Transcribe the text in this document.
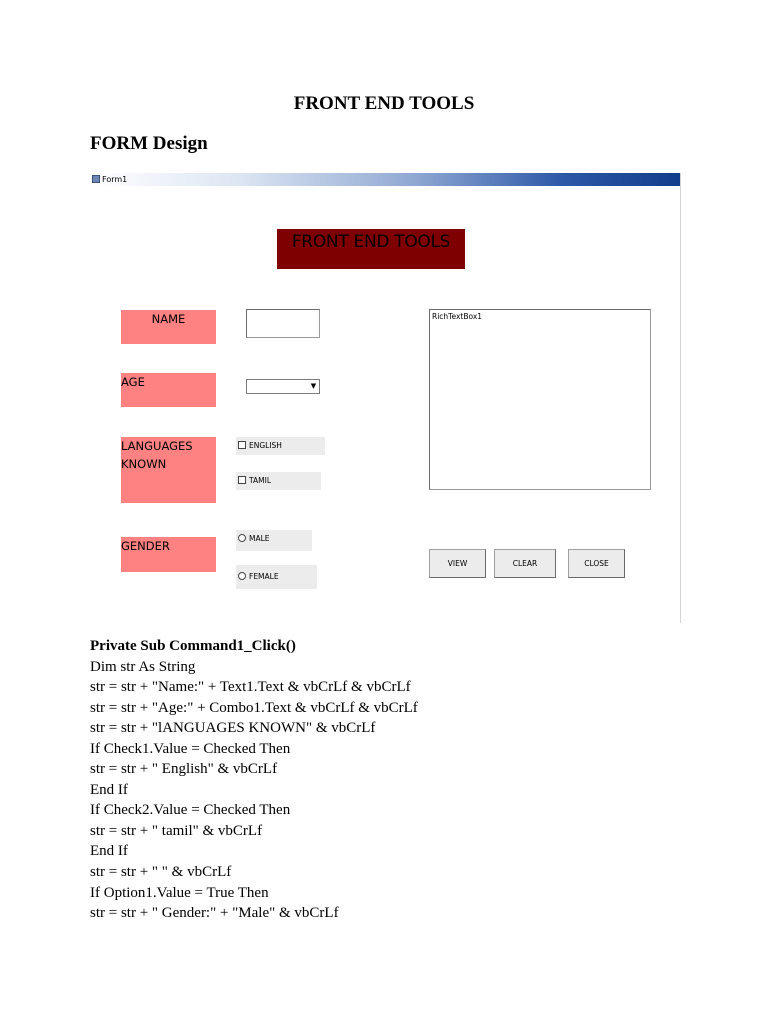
FRONT END TOOLS
FORM Design
Form1
FRONT END TOOLS
NAME
AGE
LANGUAGES
KNOWN
GENDER
▼
ENGLISH
TAMIL
MALE
FEMALE
RichTextBox1
VIEW	CLEAR	CLOSE
Private Sub Command1_Click()
Dim str As String
str = str + "Name:" + Text1.Text & vbCrLf & vbCrLf
str = str + "Age:" + Combo1.Text & vbCrLf & vbCrLf
str = str + "lANGUAGES KNOWN" & vbCrLf
If Check1.Value = Checked Then
str = str + " English" & vbCrLf
End If
If Check2.Value = Checked Then
str = str + " tamil" & vbCrLf
End If
str = str + " " & vbCrLf
If Option1.Value = True Then
str = str + " Gender:" + "Male" & vbCrLf
